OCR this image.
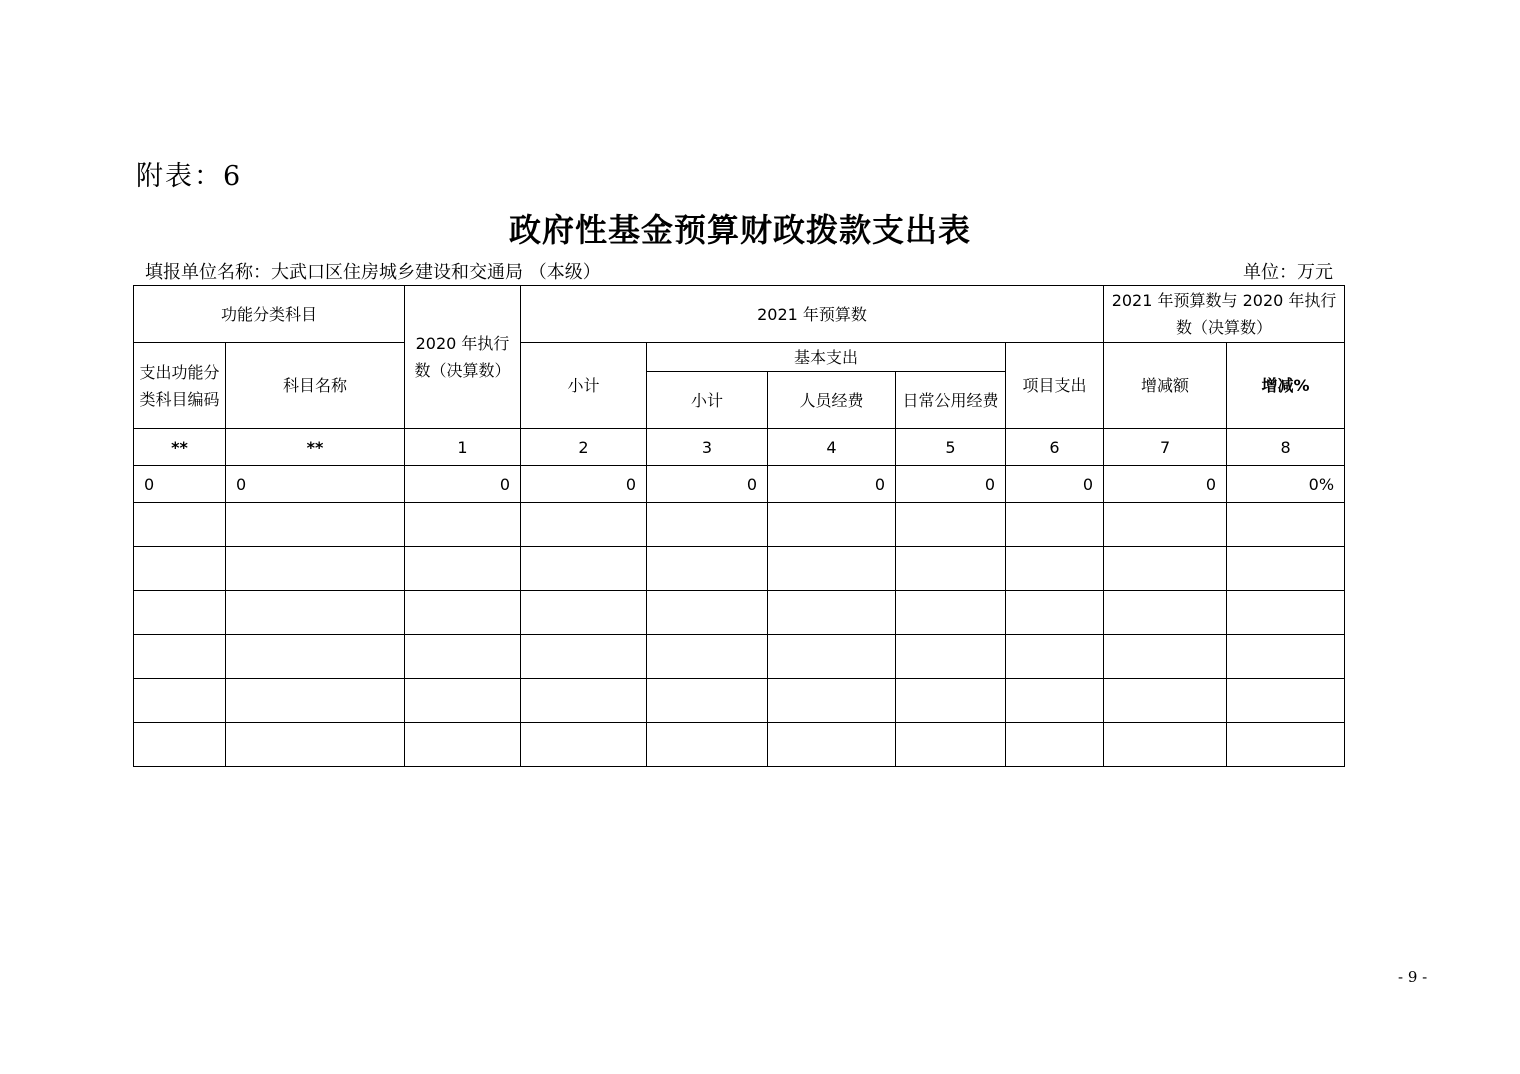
附表：6
政府性基金预算财政拨款支出表
填报单位名称：大武口区住房城乡建设和交通局 （本级）	单位：万元
功能分类科目		2020 年执行数（决算数）	2021 年预算数					2021 年预算数与 2020 年执行数（决算数）	
支出功能分类科目编码	科目名称		小计	基本支出			项目支出	增减额	增减%
				小计	人员经费	日常公用经费			
**	**	1	2	3	4	5	6	7	8
0	0	0	0	0	0	0	0	0	0%

- 9 -
